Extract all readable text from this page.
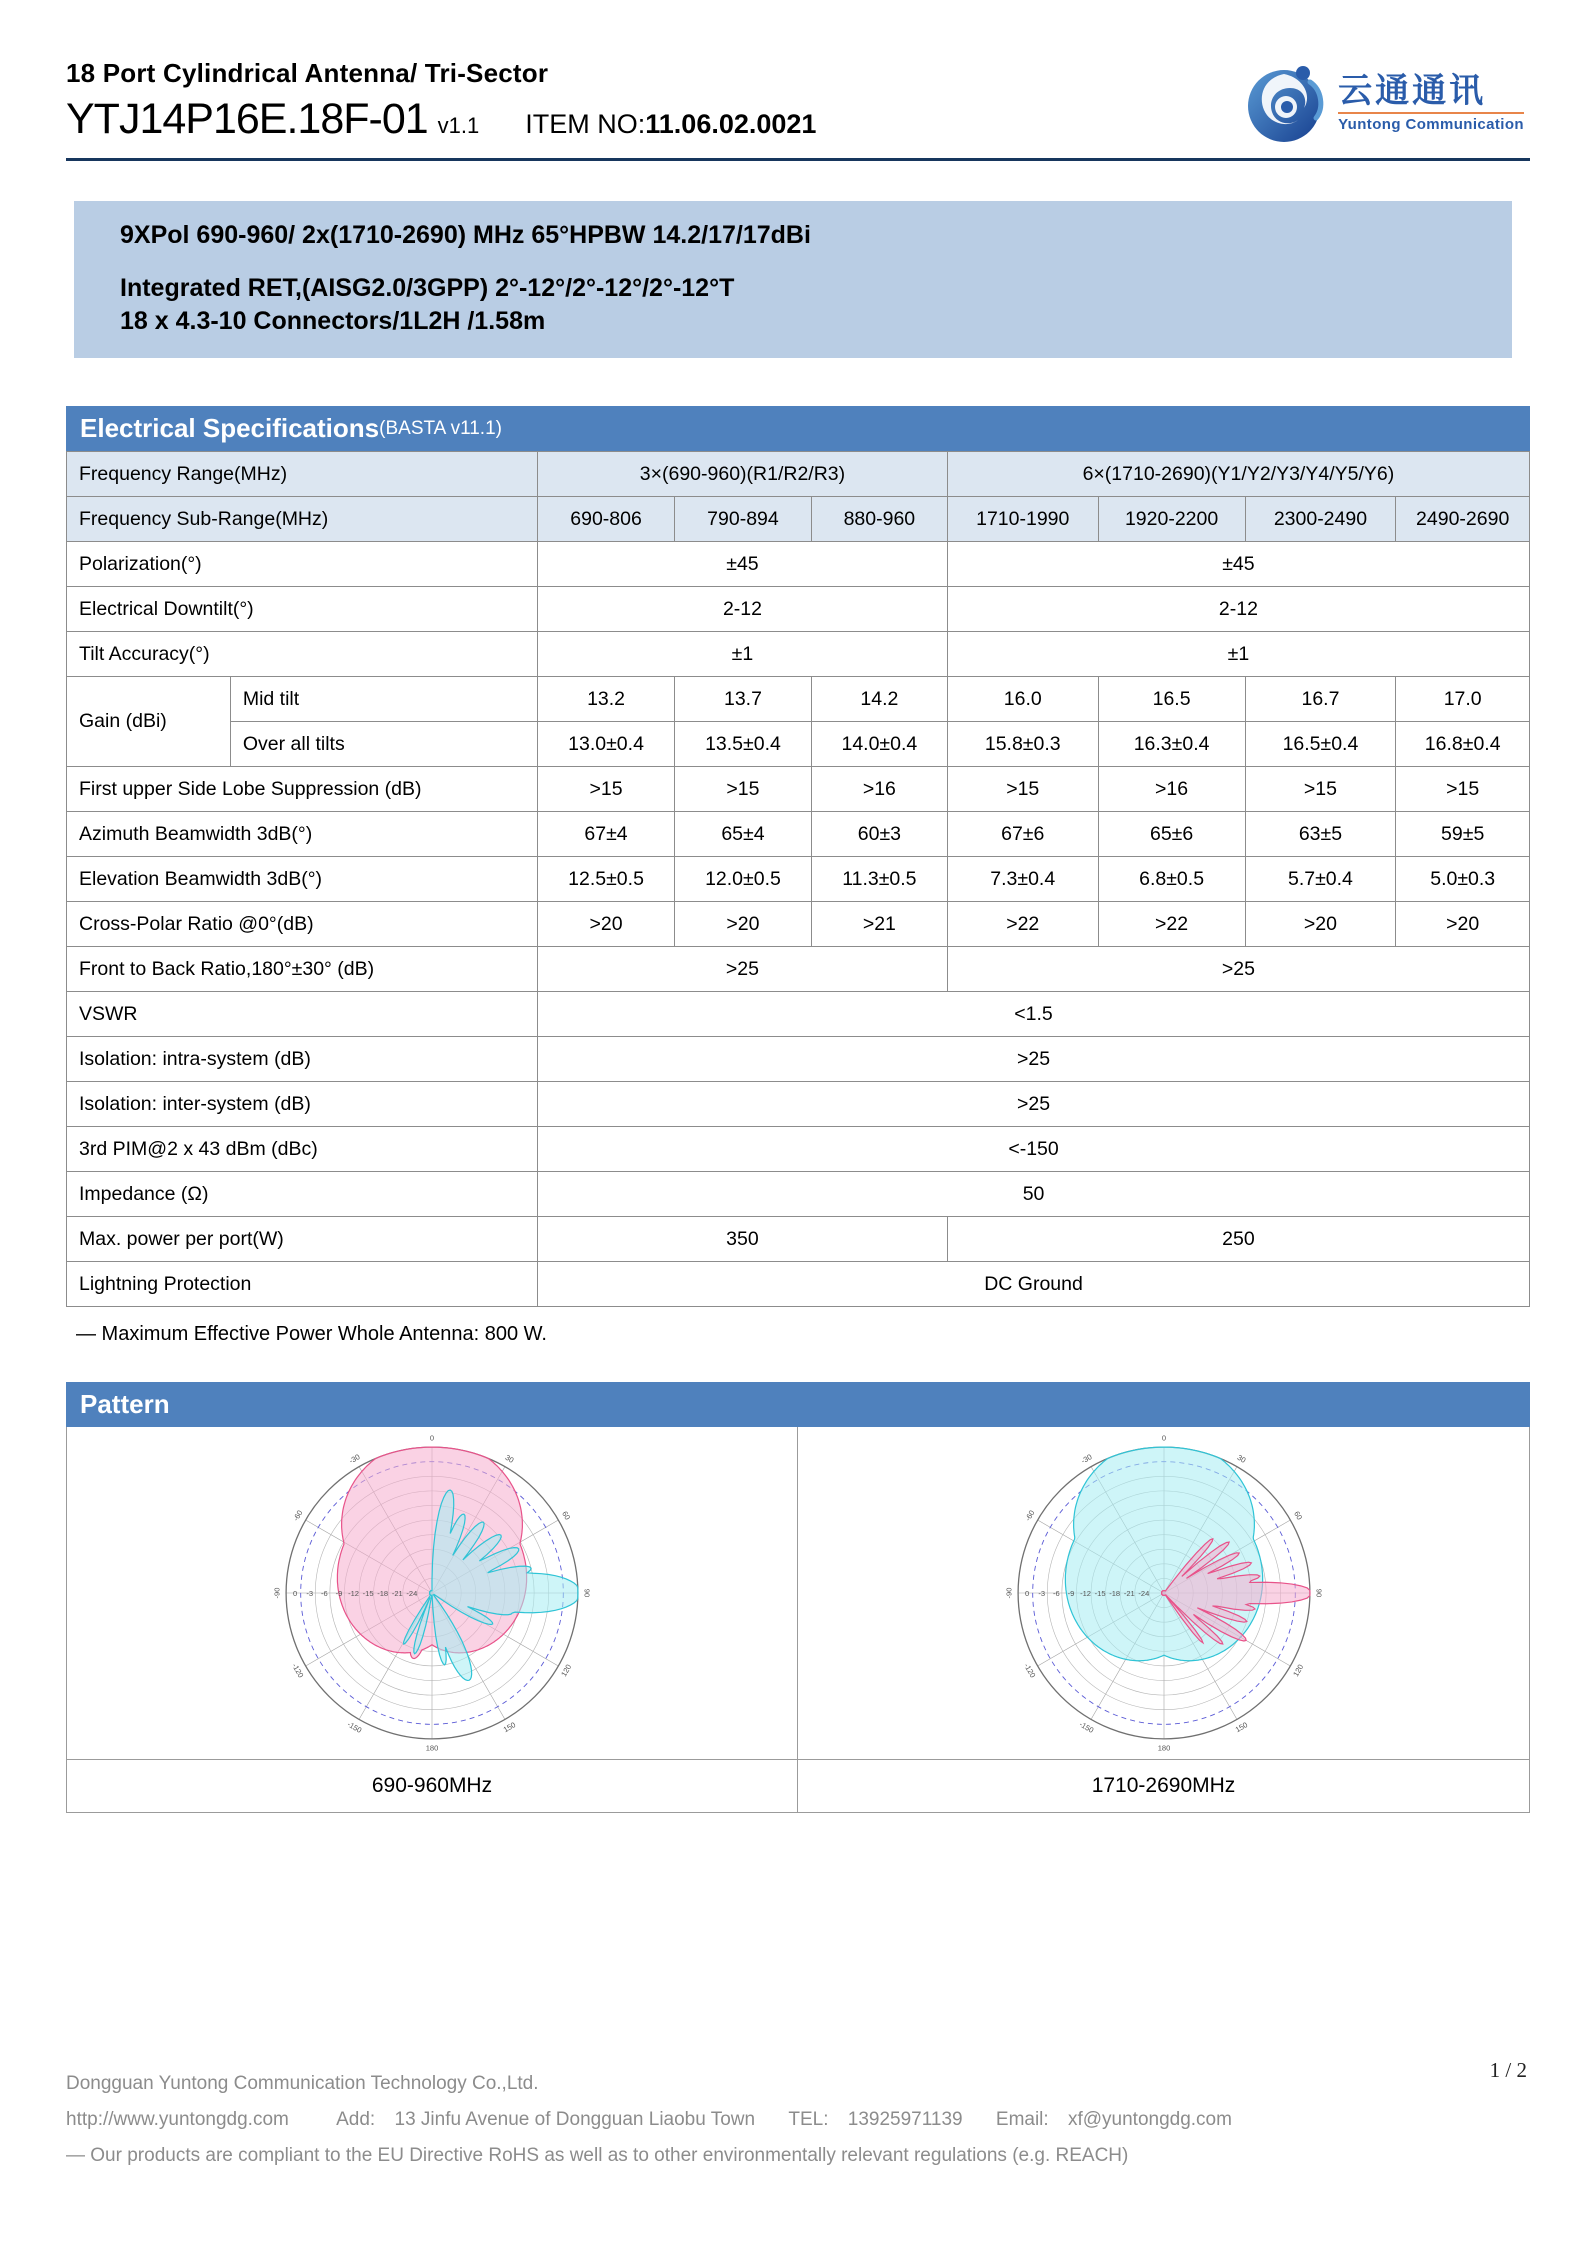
18 Port Cylindrical Antenna/ Tri-Sector
YTJ14P16E.18F-01 v1.1 ITEM NO: 11.06.02.0021
云通通讯
Yuntong Communication
9XPol 690-960/ 2x(1710-2690) MHz 65°HPBW 14.2/17/17dBi
Integrated RET,(AISG2.0/3GPP) 2°-12°/2°-12°/2°-12°T
18 x 4.3-10 Connectors/1L2H /1.58m
Electrical Specifications (BASTA v11.1)
Frequency Range(MHz)		3×(690-960)(R1/R2/R3)			6×(1710-2690)(Y1/Y2/Y3/Y4/Y5/Y6)			
Frequency Sub-Range(MHz)		690-806	790-894	880-960	1710-1990	1920-2200	2300-2490	2490-2690
Polarization(°)		±45			±45			
Electrical Downtilt(°)		2-12			2-12			
Tilt Accuracy(°)		±1			±1			
Gain (dBi)	Mid tilt	13.2	13.7	14.2	16.0	16.5	16.7	17.0
	Over all tilts	13.0±0.4	13.5±0.4	14.0±0.4	15.8±0.3	16.3±0.4	16.5±0.4	16.8±0.4
First upper Side Lobe Suppression (dB)		>15	>15	>16	>15	>16	>15	>15
Azimuth Beamwidth 3dB(°)		67±4	65±4	60±3	67±6	65±6	63±5	59±5
Elevation Beamwidth 3dB(°)		12.5±0.5	12.0±0.5	11.3±0.5	7.3±0.4	6.8±0.5	5.7±0.4	5.0±0.3
Cross-Polar Ratio @0°(dB)		>20	>20	>21	>22	>22	>20	>20
Front to Back Ratio,180°±30° (dB)		>25			>25			
VSWR		<1.5						
Isolation: intra-system (dB)		>25						
Isolation: inter-system (dB)		>25						
3rd PIM@2 x 43 dBm (dBc)		<-150						
Impedance (Ω)		50						
Max. power per port(W)		350			250			
Lightning Protection		DC Ground						
— Maximum Effective Power Whole Antenna: 800 W.
Pattern
0 -3 -6 -9 -12 -15 -18 -21 -24
0
30
60
90
120
150
180
-150
-120
-90
-60
-30
0 -3 -6 -9 -12 -15 -18 -21 -24
0
30
60
90
120
150
180
-150
-120
-90
-60
-30
690-960MHz	1710-2690MHz
Dongguan Yuntong Communication Technology Co.,Ltd.
http://www.yuntongdg.com Add: 13 Jinfu Avenue of Dongguan Liaobu Town TEL: 13925971139 Email: xf@yuntongdg.com
— Our products are compliant to the EU Directive RoHS as well as to other environmentally relevant regulations (e.g. REACH)
1 / 2
